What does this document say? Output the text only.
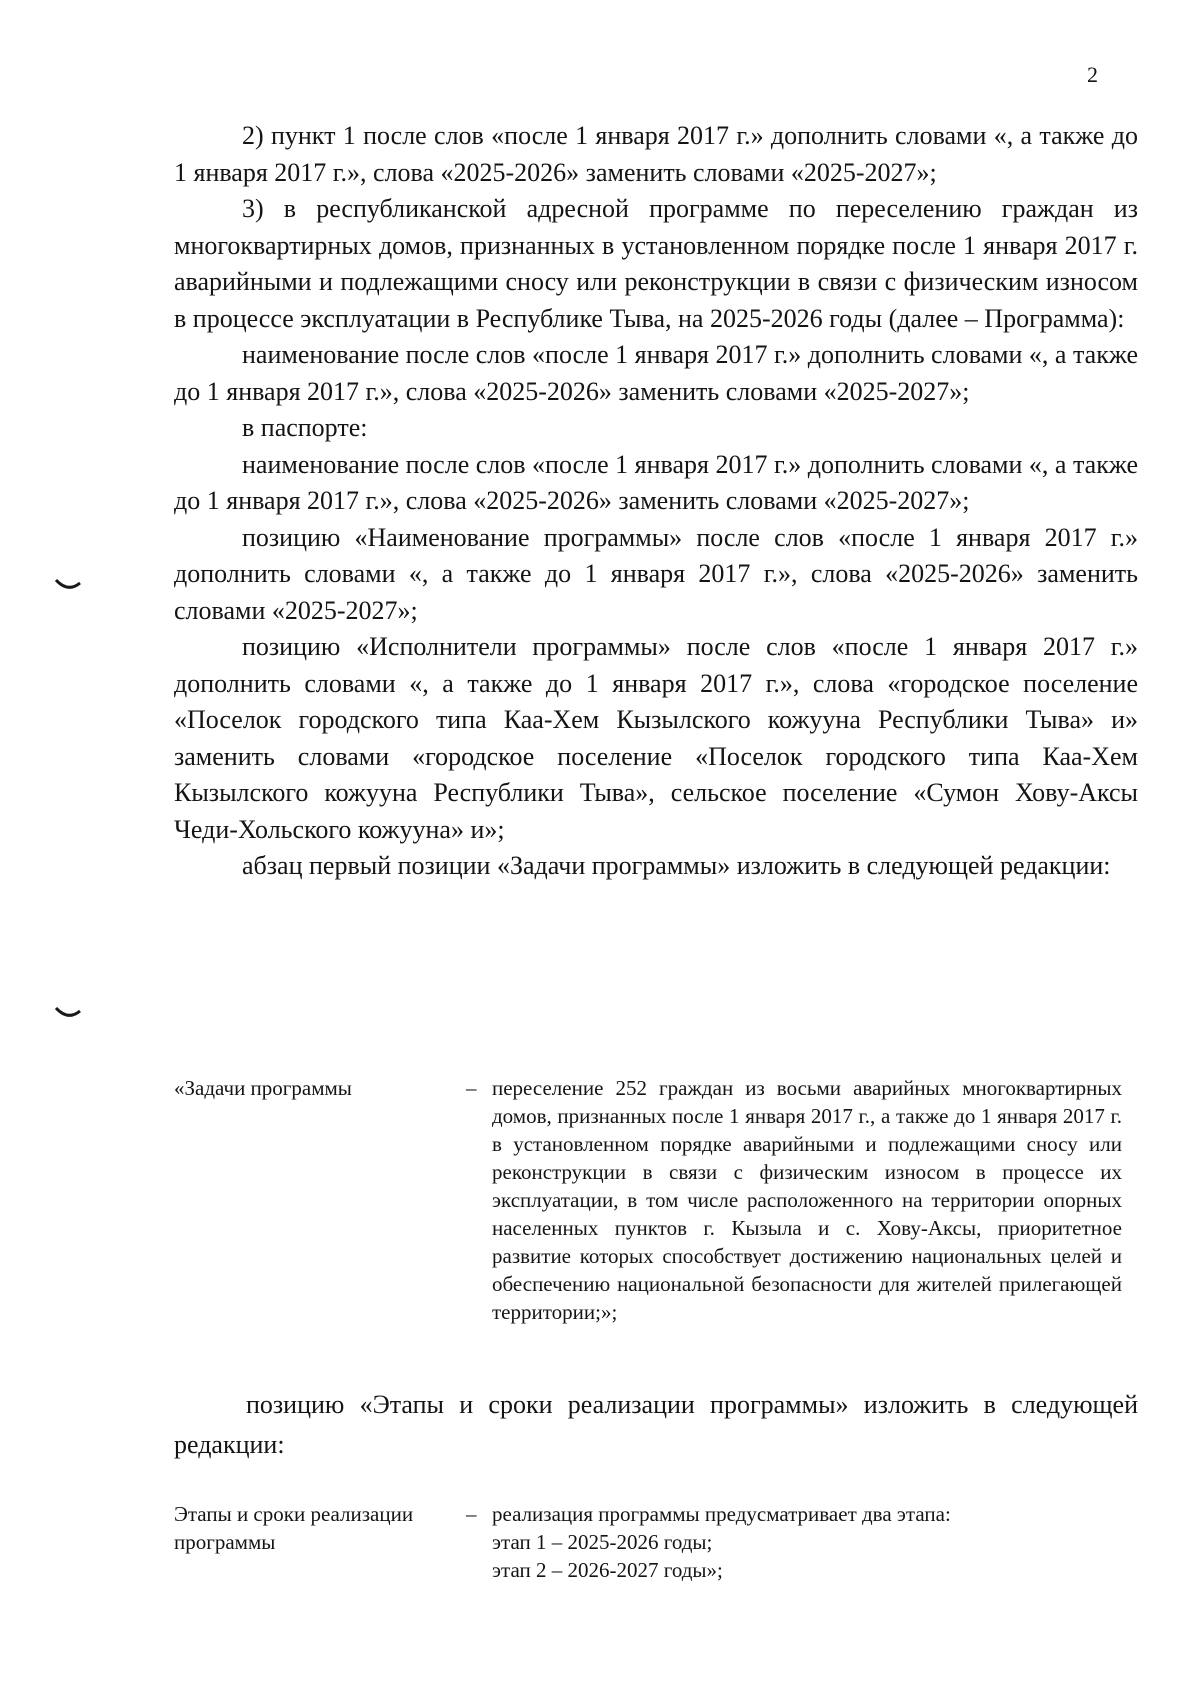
2

2) пункт 1 после слов «после 1 января 2017 г.» дополнить словами «, а также до 1 января 2017 г.», слова «2025-2026» заменить словами «2025-2027»;

3) в республиканской адресной программе по переселению граждан из многоквартирных домов, признанных в установленном порядке после 1 января 2017 г. аварийными и подлежащими сносу или реконструкции в связи с физическим износом в процессе эксплуатации в Республике Тыва, на 2025-2026 годы (далее – Программа):

наименование после слов «после 1 января 2017 г.» дополнить словами «, а также до 1 января 2017 г.», слова «2025-2026» заменить словами «2025-2027»;

в паспорте:

наименование после слов «после 1 января 2017 г.» дополнить словами «, а также до 1 января 2017 г.», слова «2025-2026» заменить словами «2025-2027»;

позицию «Наименование программы» после слов «после 1 января 2017 г.» дополнить словами «, а также до 1 января 2017 г.», слова «2025-2026» заменить словами «2025-2027»;

позицию «Исполнители программы» после слов «после 1 января 2017 г.» дополнить словами «, а также до 1 января 2017 г.», слова «городское поселение «Поселок городского типа Каа-Хем Кызылского кожууна Республики Тыва» и» заменить словами «городское поселение «Поселок городского типа Каа-Хем Кызылского кожууна Республики Тыва», сельское поселение «Сумон Хову-Аксы Чеди-Хольского кожууна» и»;

абзац первый позиции «Задачи программы» изложить в следующей редакции:

«Задачи программы	– переселение 252 граждан из восьми аварийных многоквартирных домов, признанных после 1 января 2017 г., а также до 1 января 2017 г. в установленном порядке аварийными и подлежащими сносу или реконструкции в связи с физическим износом в процессе их эксплуатации, в том числе расположенного на территории опорных населенных пунктов г. Кызыла и с. Хову-Аксы, приоритетное развитие которых способствует достижению национальных целей и обеспечению национальной безопасности для жителей прилегающей территории;»;

позицию «Этапы и сроки реализации программы» изложить в следующей редакции:

Этапы и сроки реализации программы
– реализация программы предусматривает два этапа:
этап 1 – 2025-2026 годы;
этап 2 – 2026-2027 годы»;
